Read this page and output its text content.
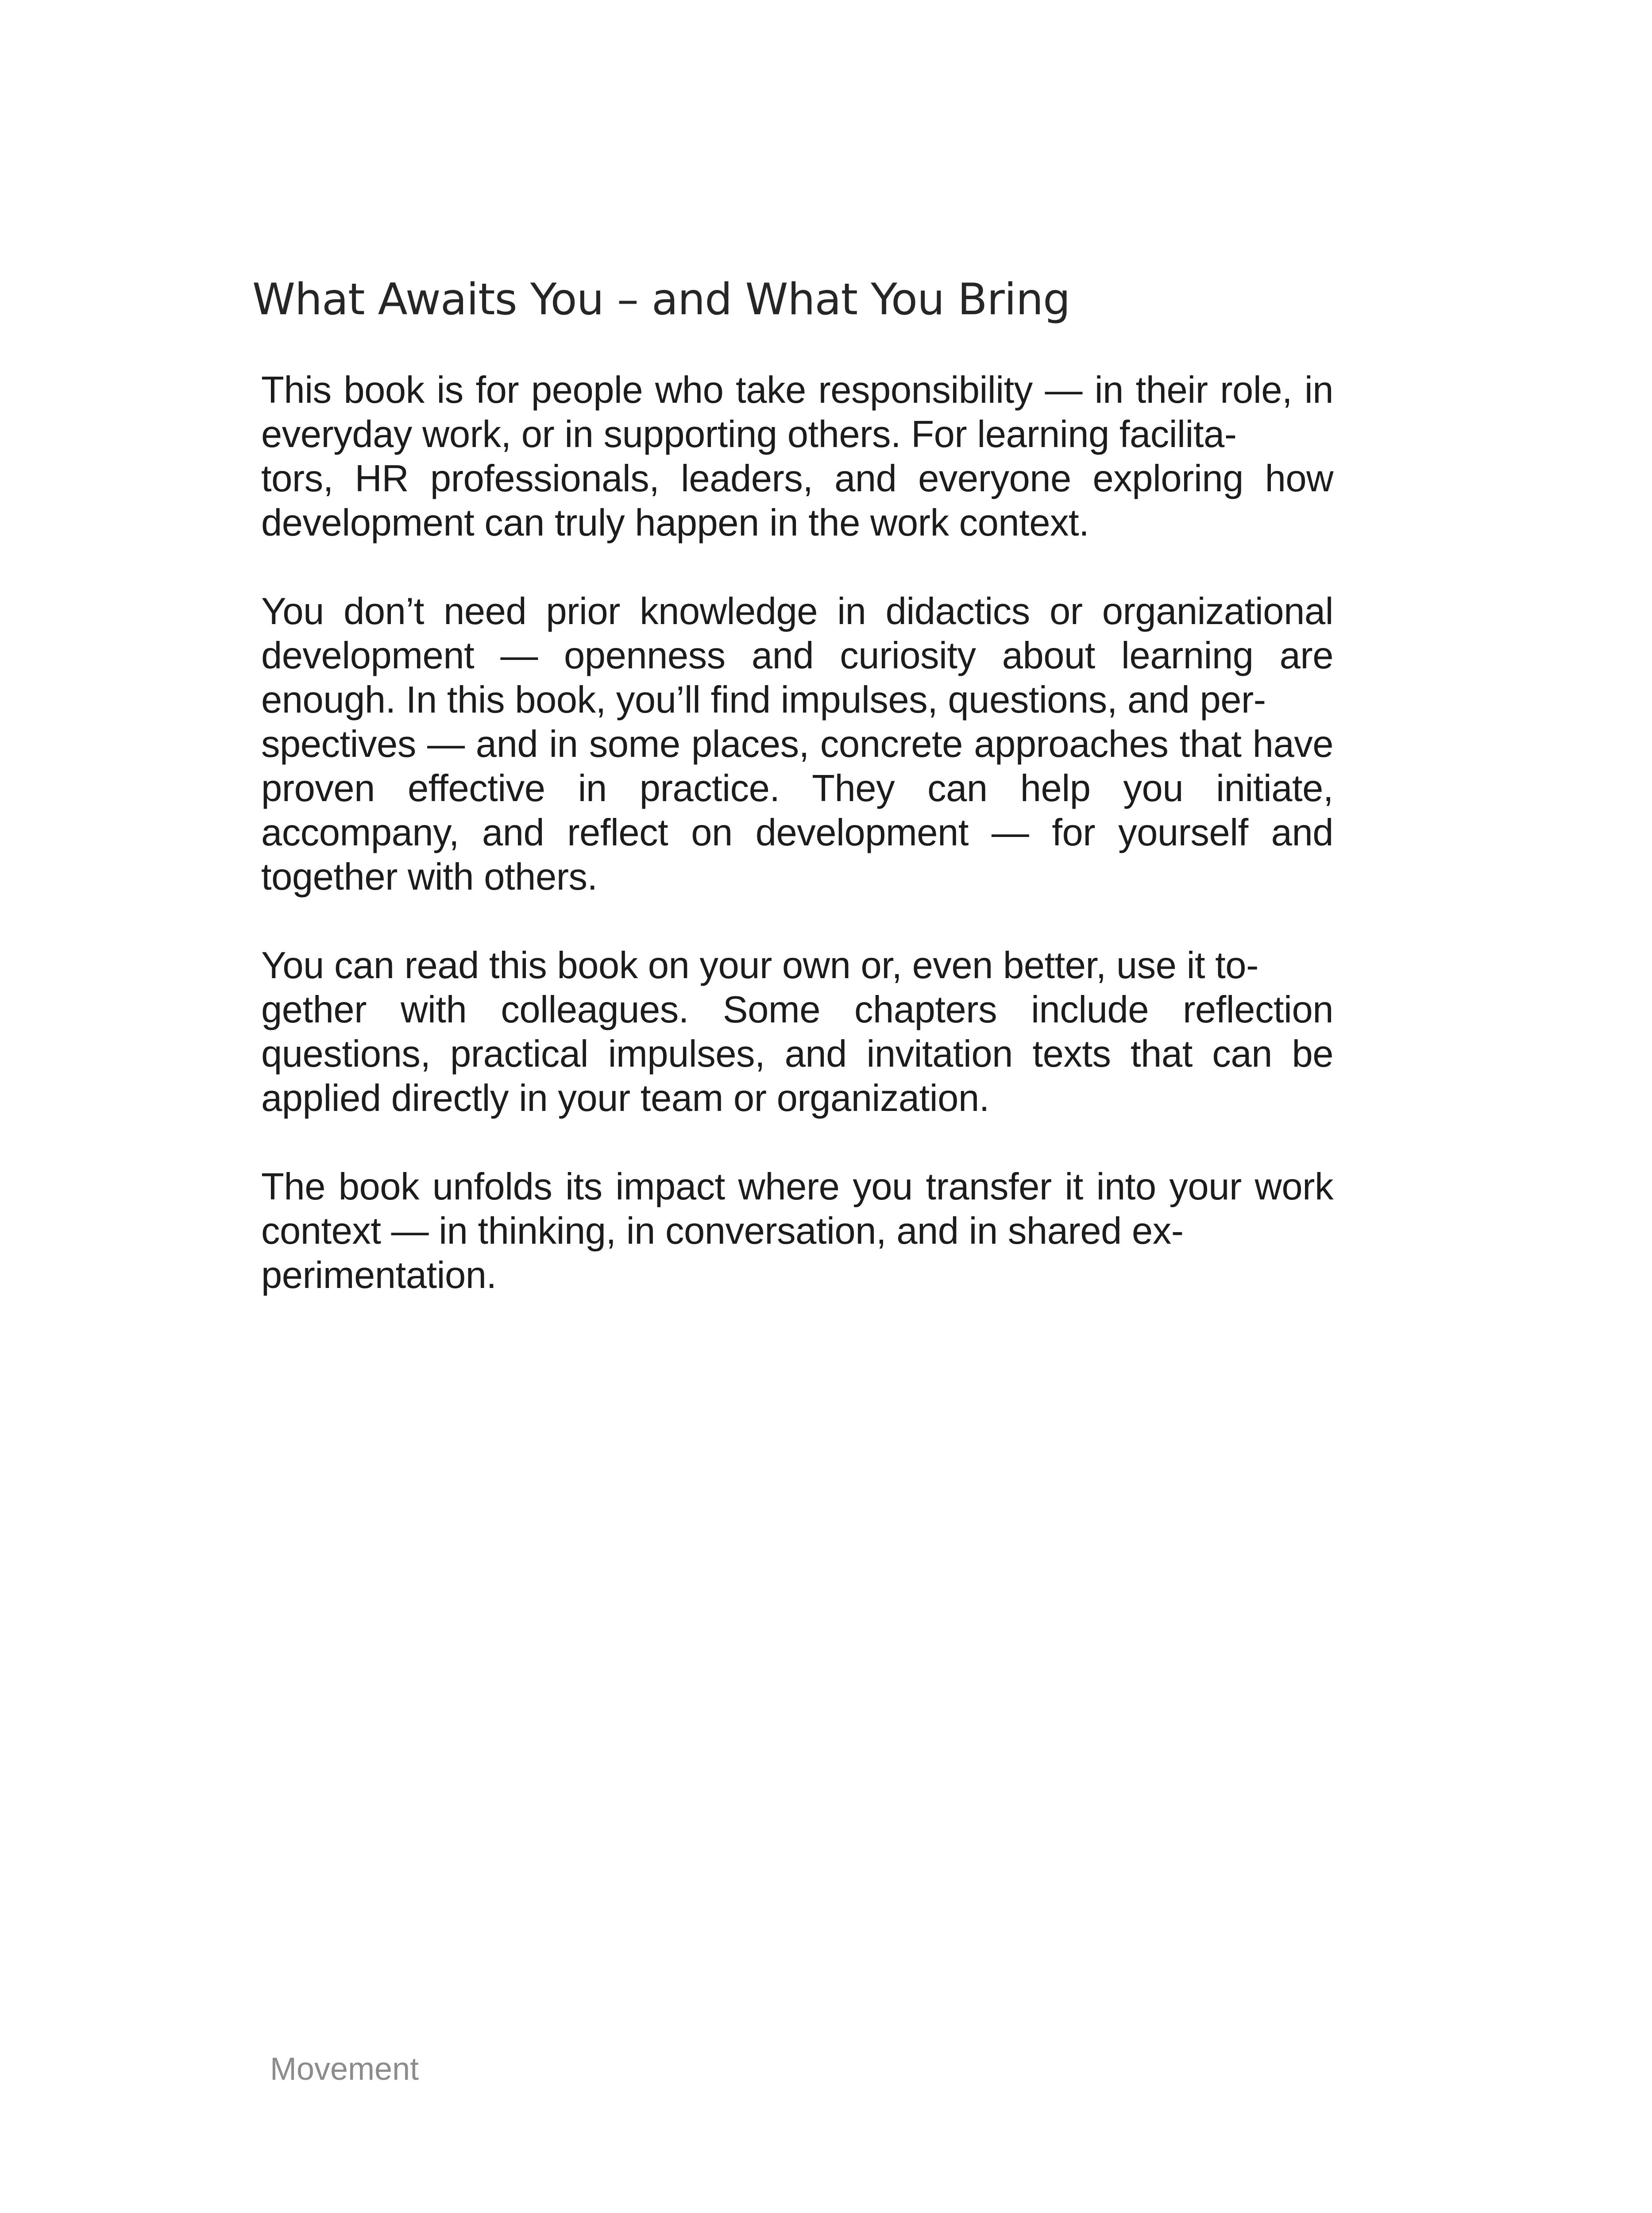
What Awaits You – and What You Bring

This book is for people who take responsibility — in their role, in everyday work, or in supporting others. For learning facilita-
tors, HR professionals, leaders, and everyone exploring how development can truly happen in the work context.

You don’t need prior knowledge in didactics or organizational development — openness and curiosity about learning are enough. In this book, you’ll find impulses, questions, and per-
spectives — and in some places, concrete approaches that have proven effective in practice. They can help you initiate, accompany, and reflect on development — for yourself and together with others.

You can read this book on your own or, even better, use it to-
gether with colleagues. Some chapters include reflection questions, practical impulses, and invitation texts that can be applied directly in your team or organization.

The book unfolds its impact where you transfer it into your work context — in thinking, in conversation, and in shared ex-
perimentation.

Movement
